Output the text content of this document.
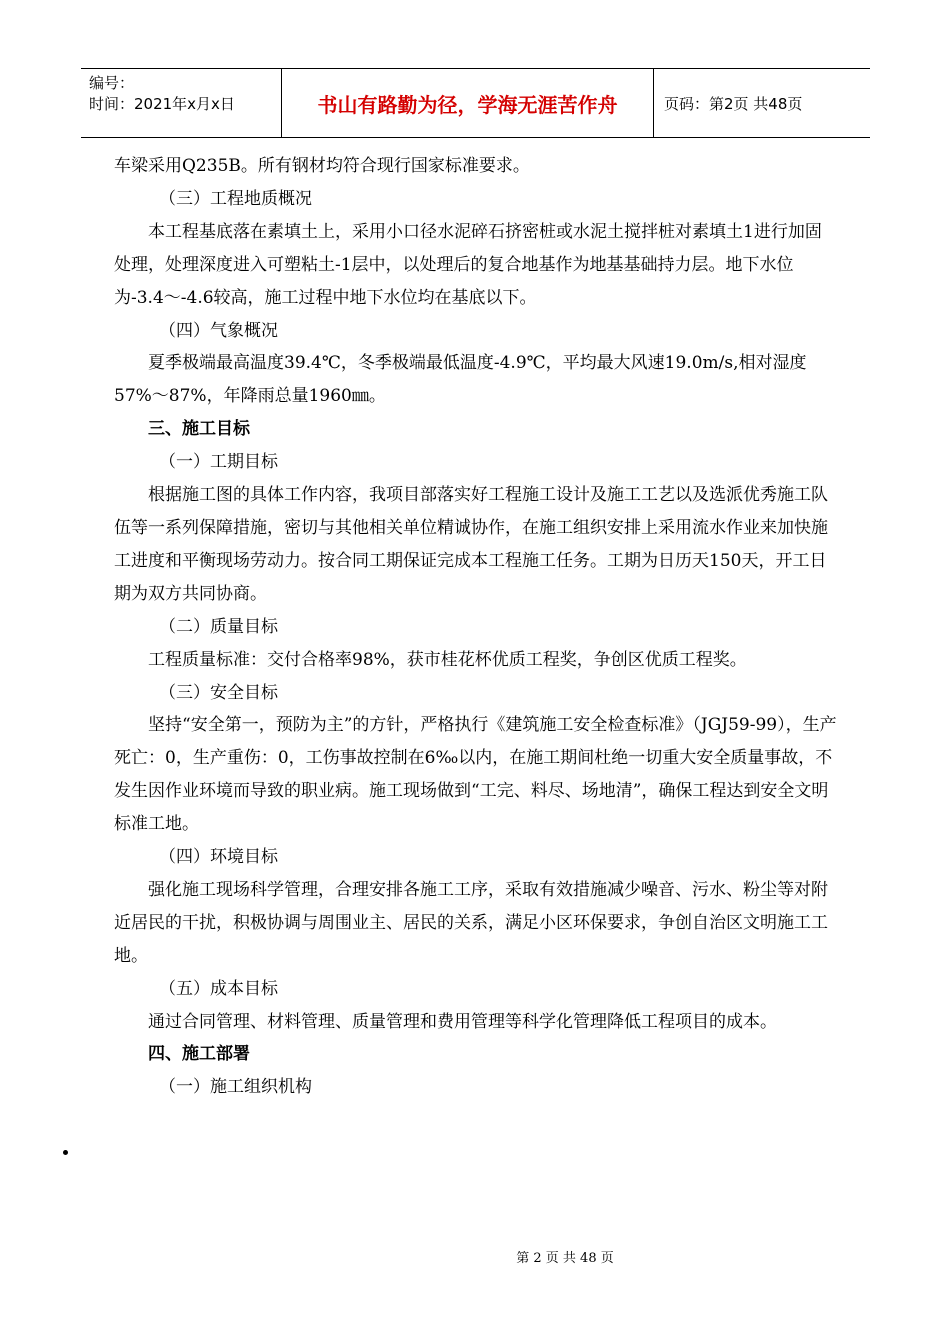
编号：
时间：2021年x月x日	书山有路勤为径，学海无涯苦作舟	页码：第2页 共48页

车梁采用Q235B。所有钢材均符合现行国家标准要求。

（三）工程地质概况

本工程基底落在素填土上，采用小口径水泥碎石挤密桩或水泥土搅拌桩对素填土1进行加固处理，处理深度进入可塑粘土-1层中，以处理后的复合地基作为地基基础持力层。地下水位为-3.4～-4.6较高，施工过程中地下水位均在基底以下。

（四）气象概况

夏季极端最高温度39.4℃，冬季极端最低温度-4.9℃，平均最大风速19.0m/s,相对湿度57%～87%，年降雨总量1960㎜。

三、施工目标

（一）工期目标

根据施工图的具体工作内容，我项目部落实好工程施工设计及施工工艺以及选派优秀施工队伍等一系列保障措施，密切与其他相关单位精诚协作，在施工组织安排上采用流水作业来加快施工进度和平衡现场劳动力。按合同工期保证完成本工程施工任务。工期为日历天150天，开工日期为双方共同协商。

（二）质量目标

工程质量标准：交付合格率98%，获市桂花杯优质工程奖，争创区优质工程奖。

（三）安全目标

坚持“安全第一，预防为主”的方针，严格执行《建筑施工安全检查标准》（JGJ59-99），生产死亡：0，生产重伤：0，工伤事故控制在6‰以内，在施工期间杜绝一切重大安全质量事故，不发生因作业环境而导致的职业病。施工现场做到“工完、料尽、场地清”，确保工程达到安全文明标准工地。

（四）环境目标

强化施工现场科学管理，合理安排各施工工序，采取有效措施减少噪音、污水、粉尘等对附近居民的干扰，积极协调与周围业主、居民的关系，满足小区环保要求，争创自治区文明施工工地。

（五）成本目标

通过合同管理、材料管理、质量管理和费用管理等科学化管理降低工程项目的成本。

四、施工部署

（一）施工组织机构

第 2 页 共 48 页
